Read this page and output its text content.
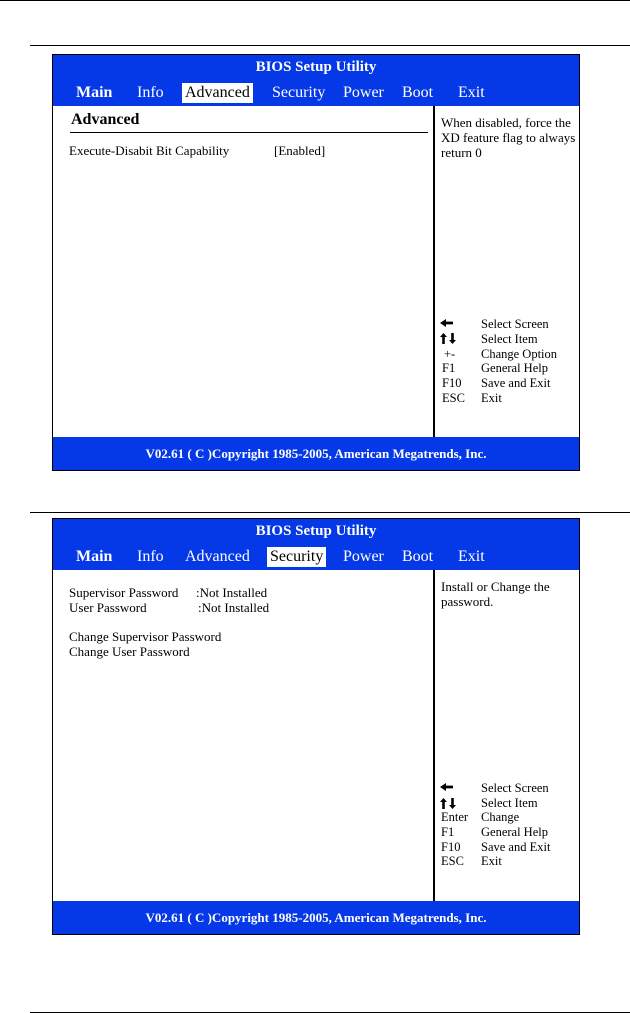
BIOS Setup Utility
Main Info Advanced Security Power Boot Exit
Advanced
Execute-Disabit Bit Capability	[Enabled]
When disabled, force the XD feature flag to always return 0
+-
F1
F10
ESC
Select Screen
Select Item
Change Option
General Help
Save and Exit
Exit
V02.61 ( C )Copyright 1985-2005, American Megatrends, Inc.
BIOS Setup Utility
Main Info Advanced Security Power Boot Exit
Supervisor Password :Not Installed
User Password	:Not Installed
Change Supervisor Password
Change User Password
Install or Change the password.
Enter
F1
F10
ESC
Select Screen
Select Item
Change
General Help
Save and Exit
Exit
V02.61 ( C )Copyright 1985-2005, American Megatrends, Inc.
